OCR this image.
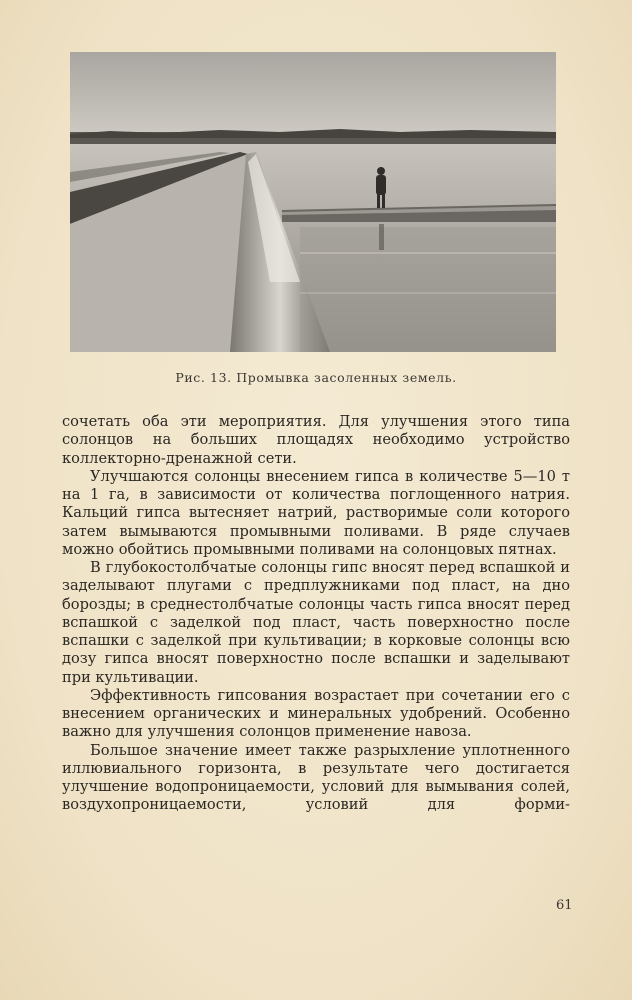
Рис. 13. Промывка засоленных земель.

сочетать оба эти мероприятия. Для улучшения этого типа солонцов на больших площадях необходимо устройство коллекторно-дренажной сети.

Улучшаются солонцы внесением гипса в количестве 5—10 т на 1 га, в зависимости от количества поглощенного натрия. Кальций гипса вытесняет натрий, растворимые соли которого затем вымываются промывными поливами. В ряде случаев можно обойтись промывными поливами на солонцовых пятнах.

В глубокостолбчатые солонцы гипс вносят перед вспашкой и заделывают плугами с предплужниками под пласт, на дно борозды; в среднестолбчатые солонцы часть гипса вносят перед вспашкой с заделкой под пласт, часть поверхностно после вспашки с заделкой при культивации; в корковые солонцы всю дозу гипса вносят поверхностно после вспашки и заделывают при культивации.

Эффективность гипсования возрастает при сочетании его с внесением органических и минеральных удобрений. Особенно важно для улучшения солонцов применение навоза.

Большое значение имеет также разрыхление уплотненного иллювиального горизонта, в результате чего достигается улучшение водопроницаемости, условий для вымывания солей, воздухопроницаемости, условий для форми-

61
